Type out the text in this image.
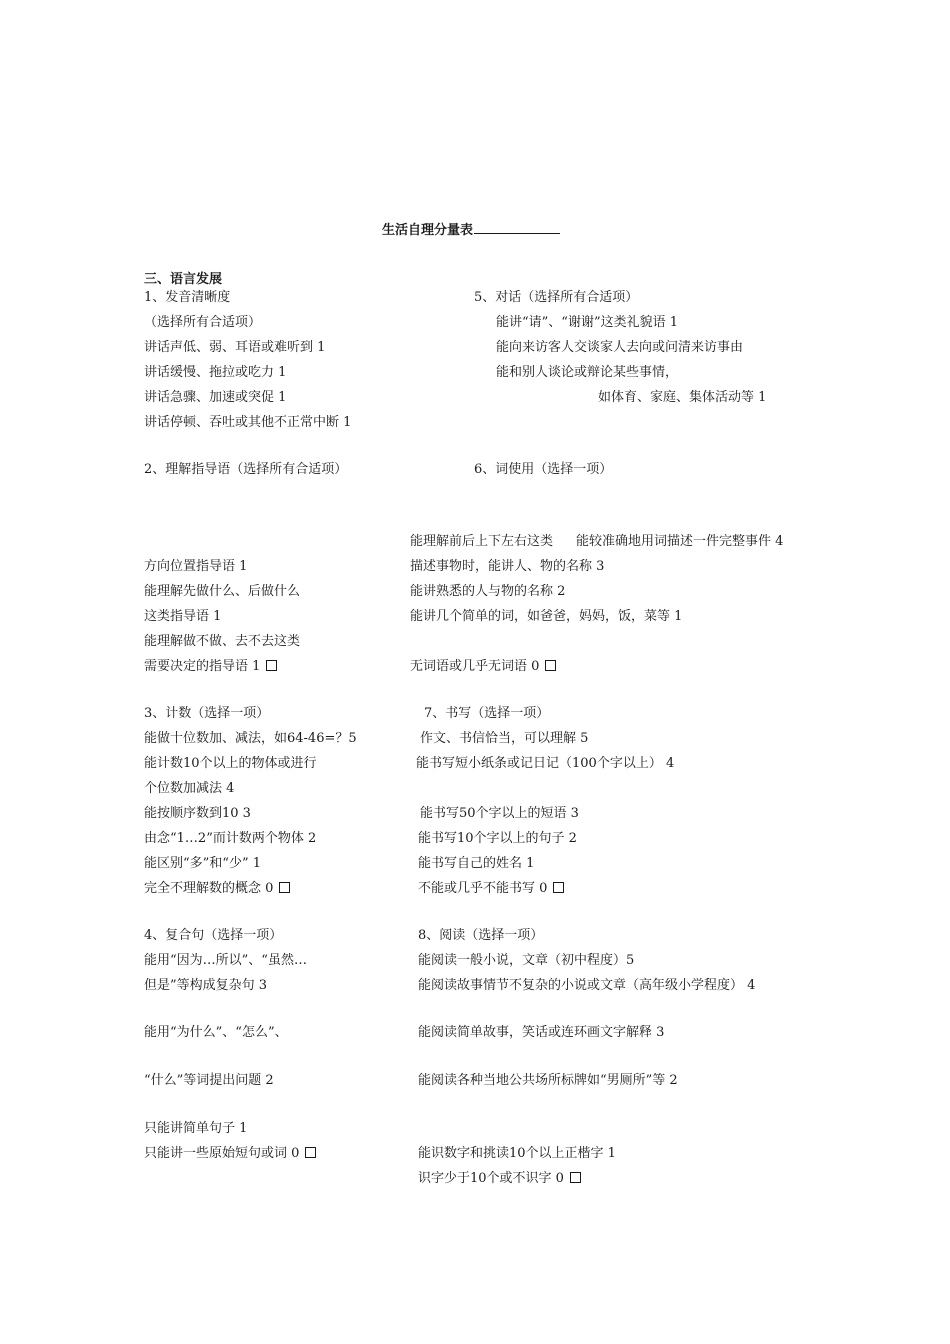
生活自理分量表
三、语言发展
1、发音清晰度
（选择所有合适项）
讲话声低、弱、耳语或难听到 1
讲话缓慢、拖拉或吃力 1
讲话急骤、加速或突促 1
讲话停顿、吞吐或其他不正常中断 1
2、理解指导语（选择所有合适项）
方向位置指导语 1
能理解先做什么、后做什么
这类指导语 1
能理解做不做、去不去这类
需要决定的指导语 1
3、计数（选择一项）
能做十位数加、减法，如64-46=？5
能计数10个以上的物体或进行
个位数加减法 4
能按顺序数到10 3
由念“1…2”而计数两个物体 2
能区别“多”和“少” 1
完全不理解数的概念 0
4、复合句（选择一项）
能用“因为…所以”、“虽然…
但是”等构成复杂句 3
能用“为什么”、“怎么”、
“什么”等词提出问题 2
只能讲简单句子 1
只能讲一些原始短句或词 0
5、对话（选择所有合适项）
能讲“请”、“谢谢”这类礼貌语 1
能向来访客人交谈家人去向或问清来访事由
能和别人谈论或辩论某些事情，
如体育、家庭、集体活动等 1
6、词使用（选择一项）
能理解前后上下左右这类 能较准确地用词描述一件完整事件 4
描述事物时，能讲人、物的名称 3
能讲熟悉的人与物的名称 2
能讲几个简单的词，如爸爸，妈妈，饭，菜等 1
无词语或几乎无词语 0
7、书写（选择一项）
作文、书信恰当，可以理解 5
能书写短小纸条或记日记（100个字以上） 4
能书写50个字以上的短语 3
能书写10个字以上的句子 2
能书写自己的姓名 1
不能或几乎不能书写 0
8、阅读（选择一项）
能阅读一般小说，文章（初中程度）5
能阅读故事情节不复杂的小说或文章（高年级小学程度） 4
能阅读简单故事，笑话或连环画文字解释 3
能阅读各种当地公共场所标牌如“男厕所”等 2
能识数字和挑读10个以上正楷字 1
识字少于10个或不识字 0
